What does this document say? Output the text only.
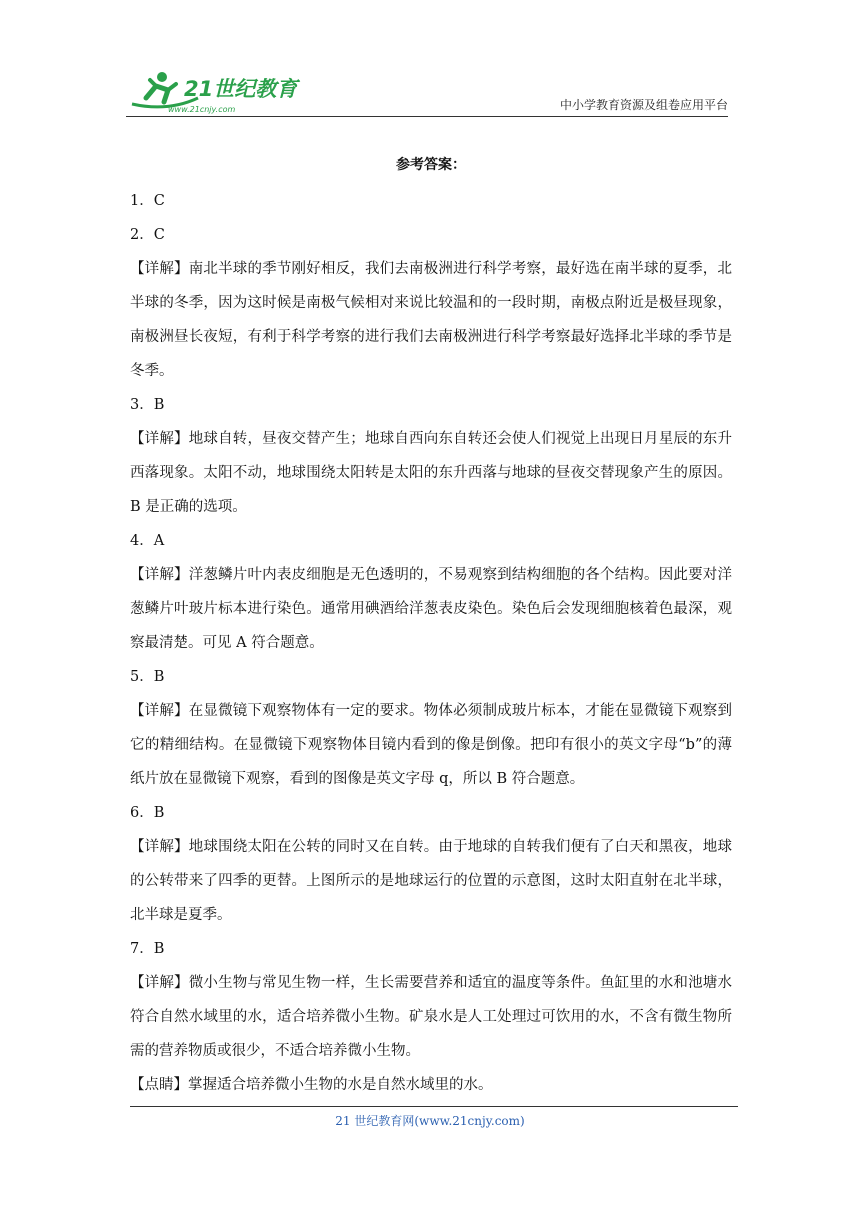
21世纪教育
www.21cnjy.com	中小学教育资源及组卷应用平台
参考答案：
1．C
2．C
【详解】南北半球的季节刚好相反，我们去南极洲进行科学考察，最好选在南半球的夏季，北半球的冬季，因为这时候是南极气候相对来说比较温和的一段时期，南极点附近是极昼现象，南极洲昼长夜短，有利于科学考察的进行我们去南极洲进行科学考察最好选择北半球的季节是冬季。
3．B
【详解】地球自转，昼夜交替产生；地球自西向东自转还会使人们视觉上出现日月星辰的东升西落现象。太阳不动，地球围绕太阳转是太阳的东升西落与地球的昼夜交替现象产生的原因。B 是正确的选项。
4．A
【详解】洋葱鳞片叶内表皮细胞是无色透明的，不易观察到结构细胞的各个结构。因此要对洋葱鳞片叶玻片标本进行染色。通常用碘酒给洋葱表皮染色。染色后会发现细胞核着色最深，观察最清楚。可见 A 符合题意。
5．B
【详解】在显微镜下观察物体有一定的要求。物体必须制成玻片标本，才能在显微镜下观察到它的精细结构。在显微镜下观察物体目镜内看到的像是倒像。把印有很小的英文字母“b”的薄纸片放在显微镜下观察，看到的图像是英文字母 q，所以 B 符合题意。
6．B
【详解】地球围绕太阳在公转的同时又在自转。由于地球的自转我们便有了白天和黑夜，地球的公转带来了四季的更替。上图所示的是地球运行的位置的示意图，这时太阳直射在北半球，北半球是夏季。
7．B
【详解】微小生物与常见生物一样，生长需要营养和适宜的温度等条件。鱼缸里的水和池塘水符合自然水域里的水，适合培养微小生物。矿泉水是人工处理过可饮用的水，不含有微生物所需的营养物质或很少，不适合培养微小生物。
【点睛】掌握适合培养微小生物的水是自然水域里的水。
21 世纪教育网(www.21cnjy.com)
